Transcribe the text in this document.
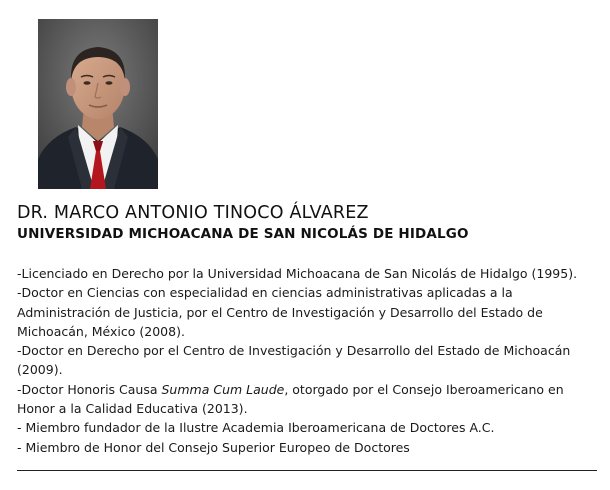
DR. MARCO ANTONIO TINOCO ÁLVAREZ
UNIVERSIDAD MICHOACANA DE SAN NICOLÁS DE HIDALGO

-Licenciado en Derecho por la Universidad Michoacana de San Nicolás de Hidalgo (1995).

-Doctor en Ciencias con especialidad en ciencias administrativas aplicadas a la Administración de Justicia, por el Centro de Investigación y Desarrollo del Estado de Michoacán, México (2008).

-Doctor en Derecho por el Centro de Investigación y Desarrollo del Estado de Michoacán (2009).

-Doctor Honoris Causa Summa Cum Laude, otorgado por el Consejo Iberoamericano en Honor a la Calidad Educativa (2013).

- Miembro fundador de la Ilustre Academia Iberoamericana de Doctores A.C.

- Miembro de Honor del Consejo Superior Europeo de Doctores
